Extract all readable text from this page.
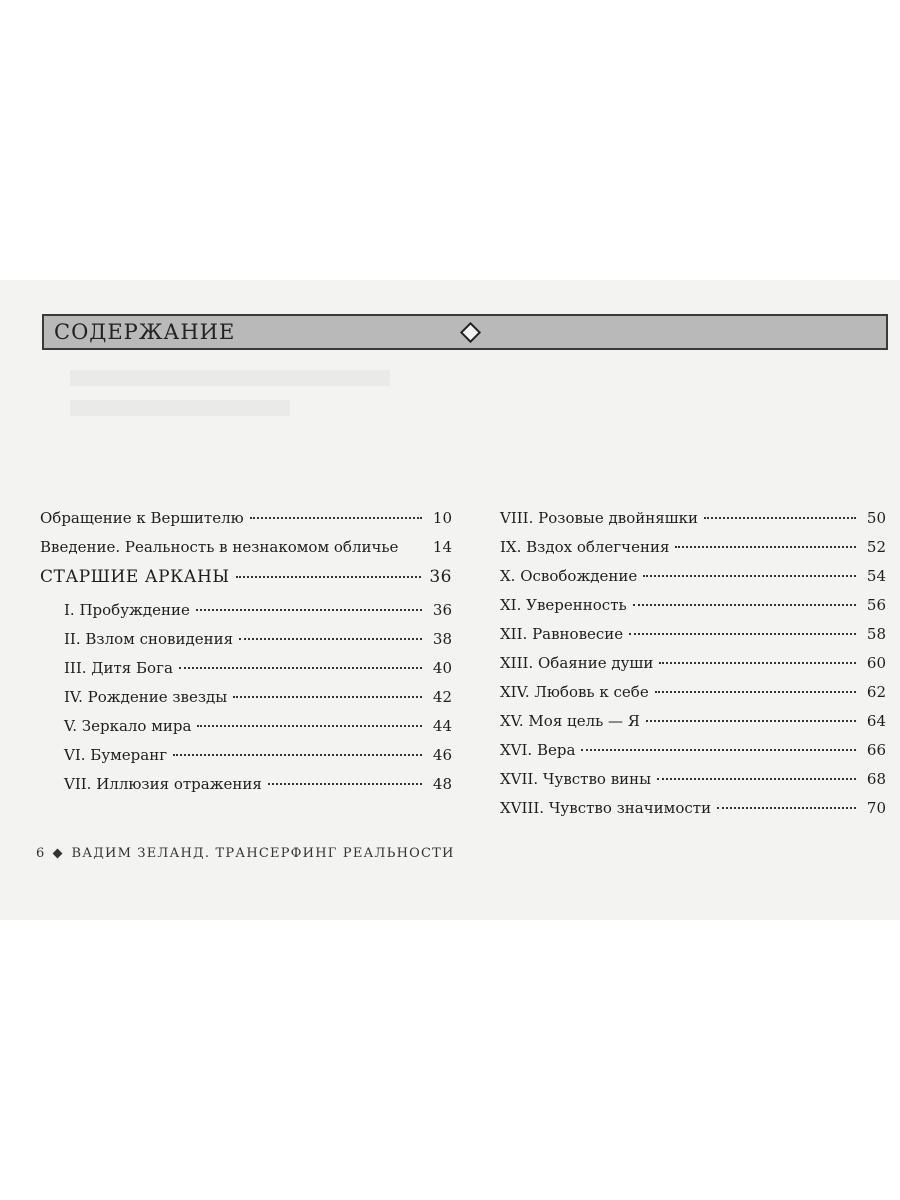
СОДЕРЖАНИЕ
Обращение к Вершителю	10
Введение. Реальность в незнакомом обличье 14
СТАРШИЕ АРКАНЫ	36
I. Пробуждение	36
II. Взлом сновидения	38
III. Дитя Бога	40
IV. Рождение звезды	42
V. Зеркало мира	44
VI. Бумеранг	46
VII. Иллюзия отражения	48
VIII. Розовые двойняшки	50
IX. Вздох облегчения	52
X. Освобождение	54
XI. Уверенность	56
XII. Равновесие	58
XIII. Обаяние души	60
XIV. Любовь к себе	62
XV. Моя цель — Я	64
XVI. Вера	66
XVII. Чувство вины	68
XVIII. Чувство значимости	70
6 ВАДИМ ЗЕЛАНД. ТРАНСЕРФИНГ РЕАЛЬНОСТИ
